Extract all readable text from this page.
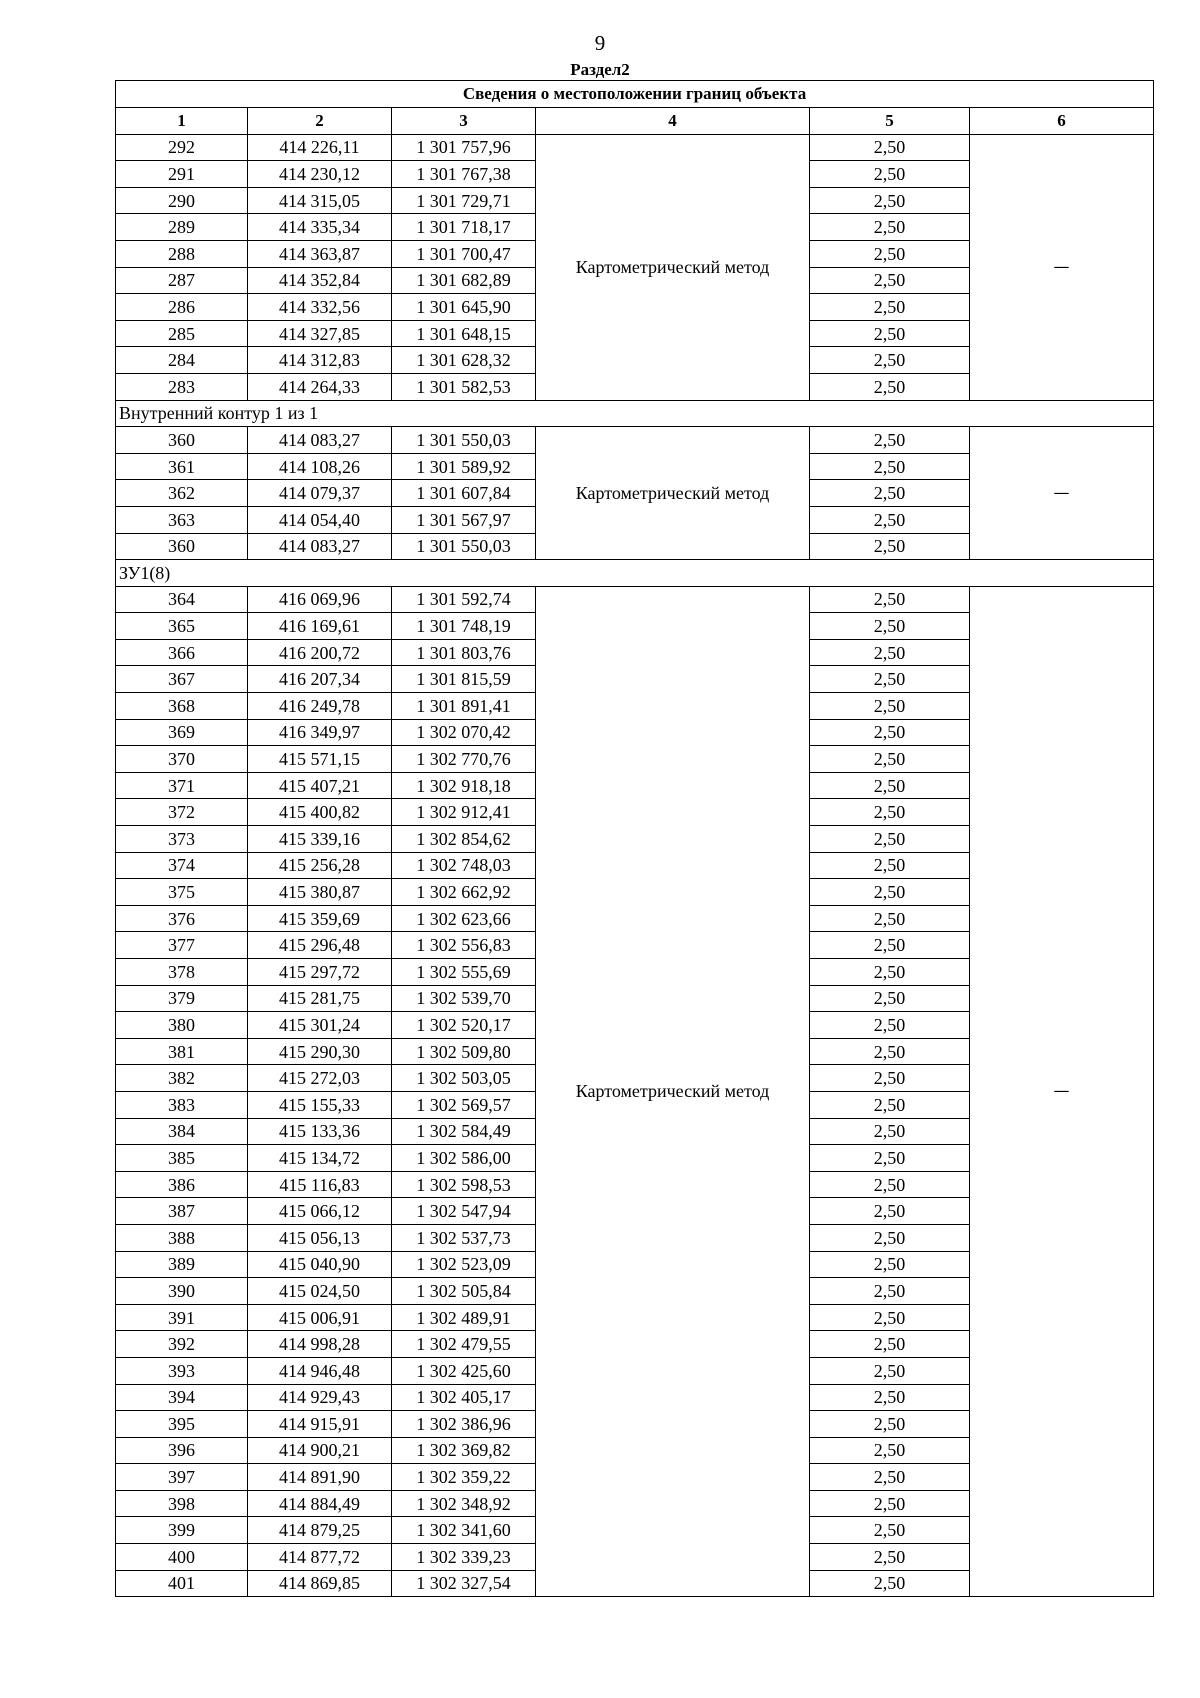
9
Раздел2
Сведения о местоположении границ объекта					
1	2	3	4	5	6
292	414 226,11	1 301 757,96	Картометрический метод	2,50	—
291	414 230,12	1 301 767,38		2,50	
290	414 315,05	1 301 729,71		2,50	
289	414 335,34	1 301 718,17		2,50	
288	414 363,87	1 301 700,47		2,50	
287	414 352,84	1 301 682,89		2,50	
286	414 332,56	1 301 645,90		2,50	
285	414 327,85	1 301 648,15		2,50	
284	414 312,83	1 301 628,32		2,50	
283	414 264,33	1 301 582,53		2,50	
Внутренний контур 1 из 1					
360	414 083,27	1 301 550,03	Картометрический метод	2,50	—
361	414 108,26	1 301 589,92		2,50	
362	414 079,37	1 301 607,84		2,50	
363	414 054,40	1 301 567,97		2,50	
360	414 083,27	1 301 550,03		2,50	
ЗУ1(8)					
364	416 069,96	1 301 592,74	Картометрический метод	2,50	—
365	416 169,61	1 301 748,19		2,50	
366	416 200,72	1 301 803,76		2,50	
367	416 207,34	1 301 815,59		2,50	
368	416 249,78	1 301 891,41		2,50	
369	416 349,97	1 302 070,42		2,50	
370	415 571,15	1 302 770,76		2,50	
371	415 407,21	1 302 918,18		2,50	
372	415 400,82	1 302 912,41		2,50	
373	415 339,16	1 302 854,62		2,50	
374	415 256,28	1 302 748,03		2,50	
375	415 380,87	1 302 662,92		2,50	
376	415 359,69	1 302 623,66		2,50	
377	415 296,48	1 302 556,83		2,50	
378	415 297,72	1 302 555,69		2,50	
379	415 281,75	1 302 539,70		2,50	
380	415 301,24	1 302 520,17		2,50	
381	415 290,30	1 302 509,80		2,50	
382	415 272,03	1 302 503,05		2,50	
383	415 155,33	1 302 569,57		2,50	
384	415 133,36	1 302 584,49		2,50	
385	415 134,72	1 302 586,00		2,50	
386	415 116,83	1 302 598,53		2,50	
387	415 066,12	1 302 547,94		2,50	
388	415 056,13	1 302 537,73		2,50	
389	415 040,90	1 302 523,09		2,50	
390	415 024,50	1 302 505,84		2,50	
391	415 006,91	1 302 489,91		2,50	
392	414 998,28	1 302 479,55		2,50	
393	414 946,48	1 302 425,60		2,50	
394	414 929,43	1 302 405,17		2,50	
395	414 915,91	1 302 386,96		2,50	
396	414 900,21	1 302 369,82		2,50	
397	414 891,90	1 302 359,22		2,50	
398	414 884,49	1 302 348,92		2,50	
399	414 879,25	1 302 341,60		2,50	
400	414 877,72	1 302 339,23		2,50	
401	414 869,85	1 302 327,54		2,50	
